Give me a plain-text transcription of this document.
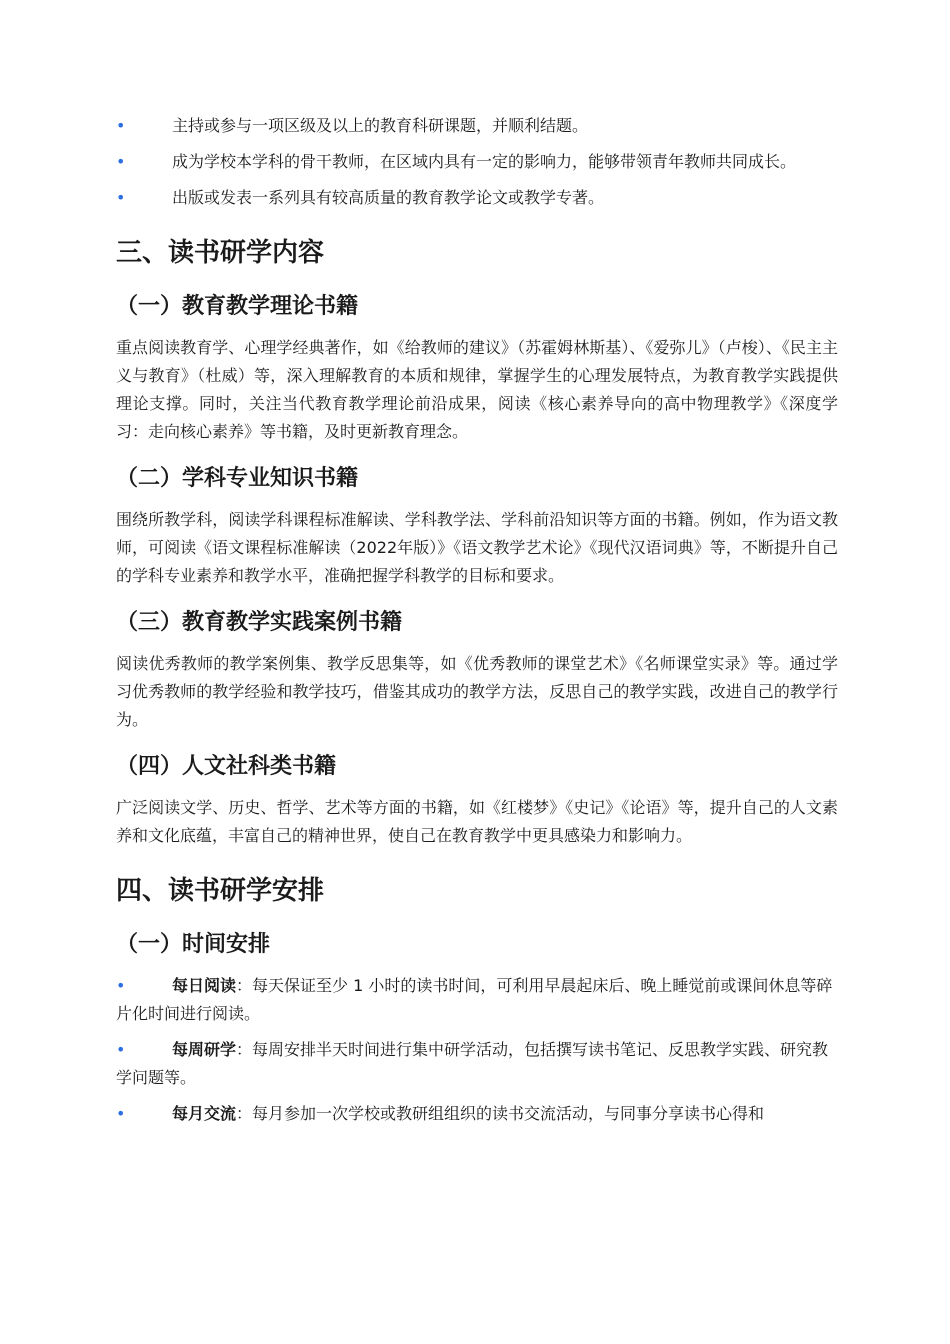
•	主持或参与一项区级及以上的教育科研课题，并顺利结题。
•	成为学校本学科的骨干教师，在区域内具有一定的影响力，能够带领青年教师共同成长。
•	出版或发表一系列具有较高质量的教育教学论文或教学专著。
三、读书研学内容
（一）教育教学理论书籍

重点阅读教育学、心理学经典著作，如《给教师的建议》（苏霍姆林斯基）、《爱弥儿》（卢梭）、《民主主义与教育》（杜威）等，深入理解教育的本质和规律，掌握学生的心理发展特点，为教育教学实践提供理论支撑。同时，关注当代教育教学理论前沿成果，阅读《核心素养导向的高中物理教学》《深度学习：走向核心素养》等书籍，及时更新教育理念。

（二）学科专业知识书籍

围绕所教学科，阅读学科课程标准解读、学科教学法、学科前沿知识等方面的书籍。例如，作为语文教师，可阅读《语文课程标准解读（2022年版）》《语文教学艺术论》《现代汉语词典》等，不断提升自己的学科专业素养和教学水平，准确把握学科教学的目标和要求。

（三）教育教学实践案例书籍

阅读优秀教师的教学案例集、教学反思集等，如《优秀教师的课堂艺术》《名师课堂实录》等。通过学习优秀教师的教学经验和教学技巧，借鉴其成功的教学方法，反思自己的教学实践，改进自己的教学行为。

（四）人文社科类书籍

广泛阅读文学、历史、哲学、艺术等方面的书籍，如《红楼梦》《史记》《论语》等，提升自己的人文素养和文化底蕴，丰富自己的精神世界，使自己在教育教学中更具感染力和影响力。

四、读书研学安排
（一）时间安排
•	每日阅读：每天保证至少 1 小时的读书时间，可利用早晨起床后、晚上睡觉前或课间休息等碎片化时间进行阅读。
•	每周研学：每周安排半天时间进行集中研学活动，包括撰写读书笔记、反思教学实践、研究教学问题等。
•	每月交流：每月参加一次学校或教研组组织的读书交流活动，与同事分享读书心得和
